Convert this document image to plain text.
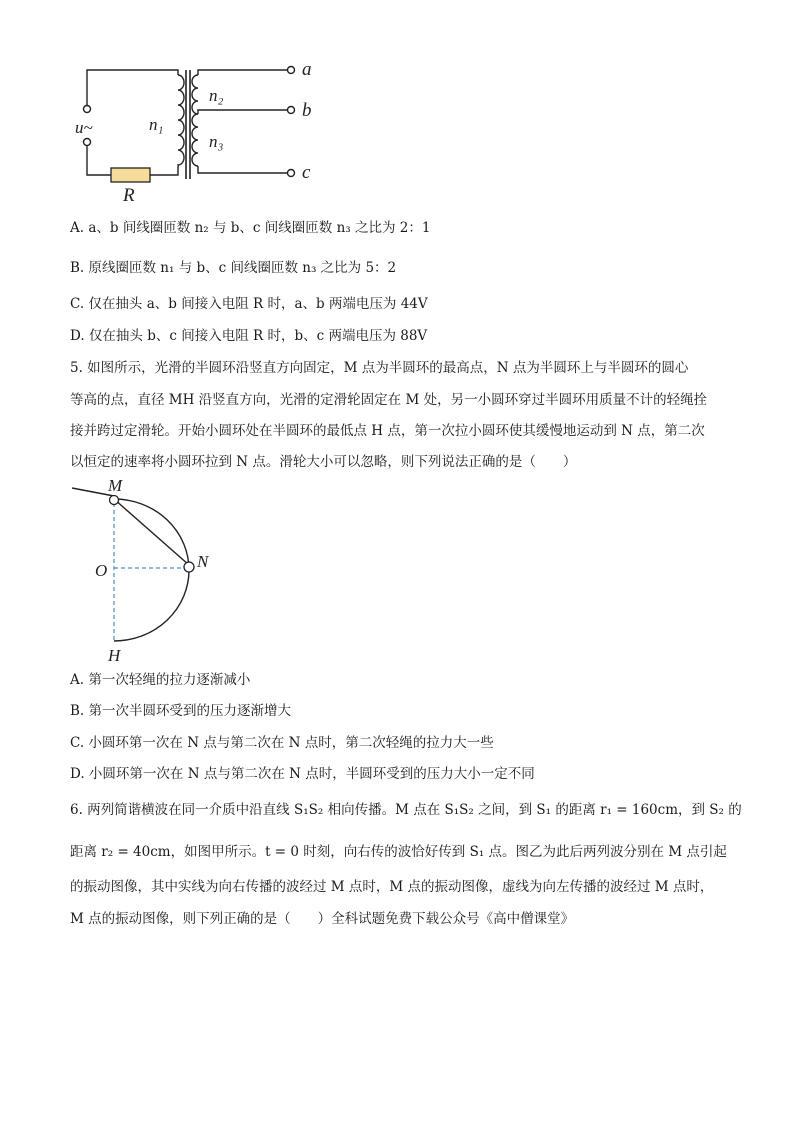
u~	n₁
n₂
n₃
R
a
b
c
A. a、b 间线圈匝数 n₂ 与 b、c 间线圈匝数 n₃ 之比为 2：1
B. 原线圈匝数 n₁ 与 b、c 间线圈匝数 n₃ 之比为 5：2
C. 仅在抽头 a、b 间接入电阻 R 时，a、b 两端电压为 44V
D. 仅在抽头 b、c 间接入电阻 R 时，b、c 两端电压为 88V
5. 如图所示，光滑的半圆环沿竖直方向固定，M 点为半圆环的最高点，N 点为半圆环上与半圆环的圆心
等高的点，直径 MH 沿竖直方向，光滑的定滑轮固定在 M 处，另一小圆环穿过半圆环用质量不计的轻绳拴
接并跨过定滑轮。开始小圆环处在半圆环的最低点 H 点，第一次拉小圆环使其缓慢地运动到 N 点，第二次
以恒定的速率将小圆环拉到 N 点。滑轮大小可以忽略，则下列说法正确的是（　　）
M
N
O
H
A. 第一次轻绳的拉力逐渐减小
B. 第一次半圆环受到的压力逐渐增大
C. 小圆环第一次在 N 点与第二次在 N 点时，第二次轻绳的拉力大一些
D. 小圆环第一次在 N 点与第二次在 N 点时，半圆环受到的压力大小一定不同
6. 两列简谐横波在同一介质中沿直线 S₁S₂ 相向传播。M 点在 S₁S₂ 之间，到 S₁ 的距离 r₁ = 160cm，到 S₂ 的
距离 r₂ = 40cm，如图甲所示。t = 0 时刻，向右传的波恰好传到 S₁ 点。图乙为此后两列波分别在 M 点引起
的振动图像，其中实线为向右传播的波经过 M 点时，M 点的振动图像，虚线为向左传播的波经过 M 点时，
M 点的振动图像，则下列正确的是（　　）全科试题免费下载公众号《高中僧课堂》
